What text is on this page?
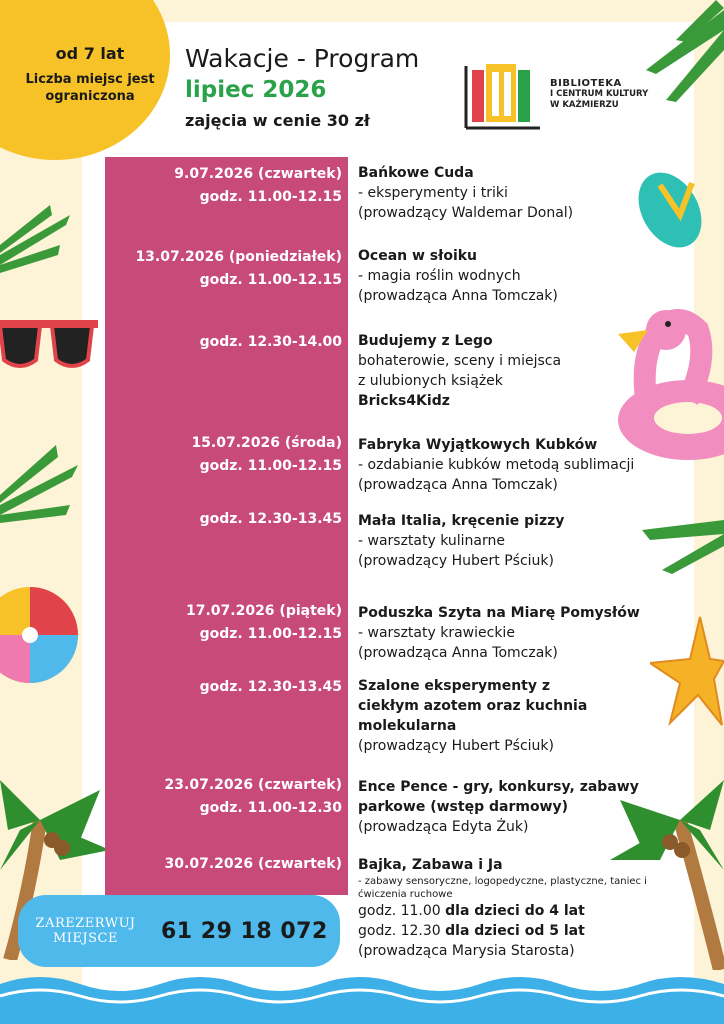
od 7 lat
Liczba miejsc jest ograniczona
Wakacje - Program
lipiec 2026
zajęcia w cenie 30 zł
BIBLIOTEKA
I CENTRUM KULTURY
W KAŹMIERZU
9.07.2026 (czwartek)
godz. 11.00-12.15
Bańkowe Cuda
- eksperymenty i triki
(prowadzący Waldemar Donal)
13.07.2026 (poniedziałek)
godz. 11.00-12.15
Ocean w słoiku
- magia roślin wodnych
(prowadząca Anna Tomczak)
godz. 12.30-14.00 Budujemy z Lego
bohaterowie, sceny i miejsca
z ulubionych książek
Bricks4Kidz
15.07.2026 (środa)
godz. 11.00-12.15
Fabryka Wyjątkowych Kubków
- ozdabianie kubków metodą sublimacji
(prowadząca Anna Tomczak)
godz. 12.30-13.45 Mała Italia, kręcenie pizzy
- warsztaty kulinarne
(prowadzący Hubert Pściuk)
17.07.2026 (piątek)
godz. 11.00-12.15
Poduszka Szyta na Miarę Pomysłów
- warsztaty krawieckie
(prowadząca Anna Tomczak)
godz. 12.30-13.45 Szalone eksperymenty z ciekłym azotem oraz kuchnia molekularna
(prowadzący Hubert Pściuk)
23.07.2026 (czwartek)
godz. 11.00-12.30
Ence Pence - gry, konkursy, zabawy parkowe (wstęp darmowy)
(prowadząca Edyta Żuk)
30.07.2026 (czwartek) Bajka, Zabawa i Ja
- zabawy sensoryczne, logopedyczne, plastyczne, taniec i ćwiczenia ruchowe
godz. 11.00 dla dzieci do 4 lat
godz. 12.30 dla dzieci od 5 lat
(prowadząca Marysia Starosta)
ZAREZERWUJ MIEJSCE	61 29 18 072
